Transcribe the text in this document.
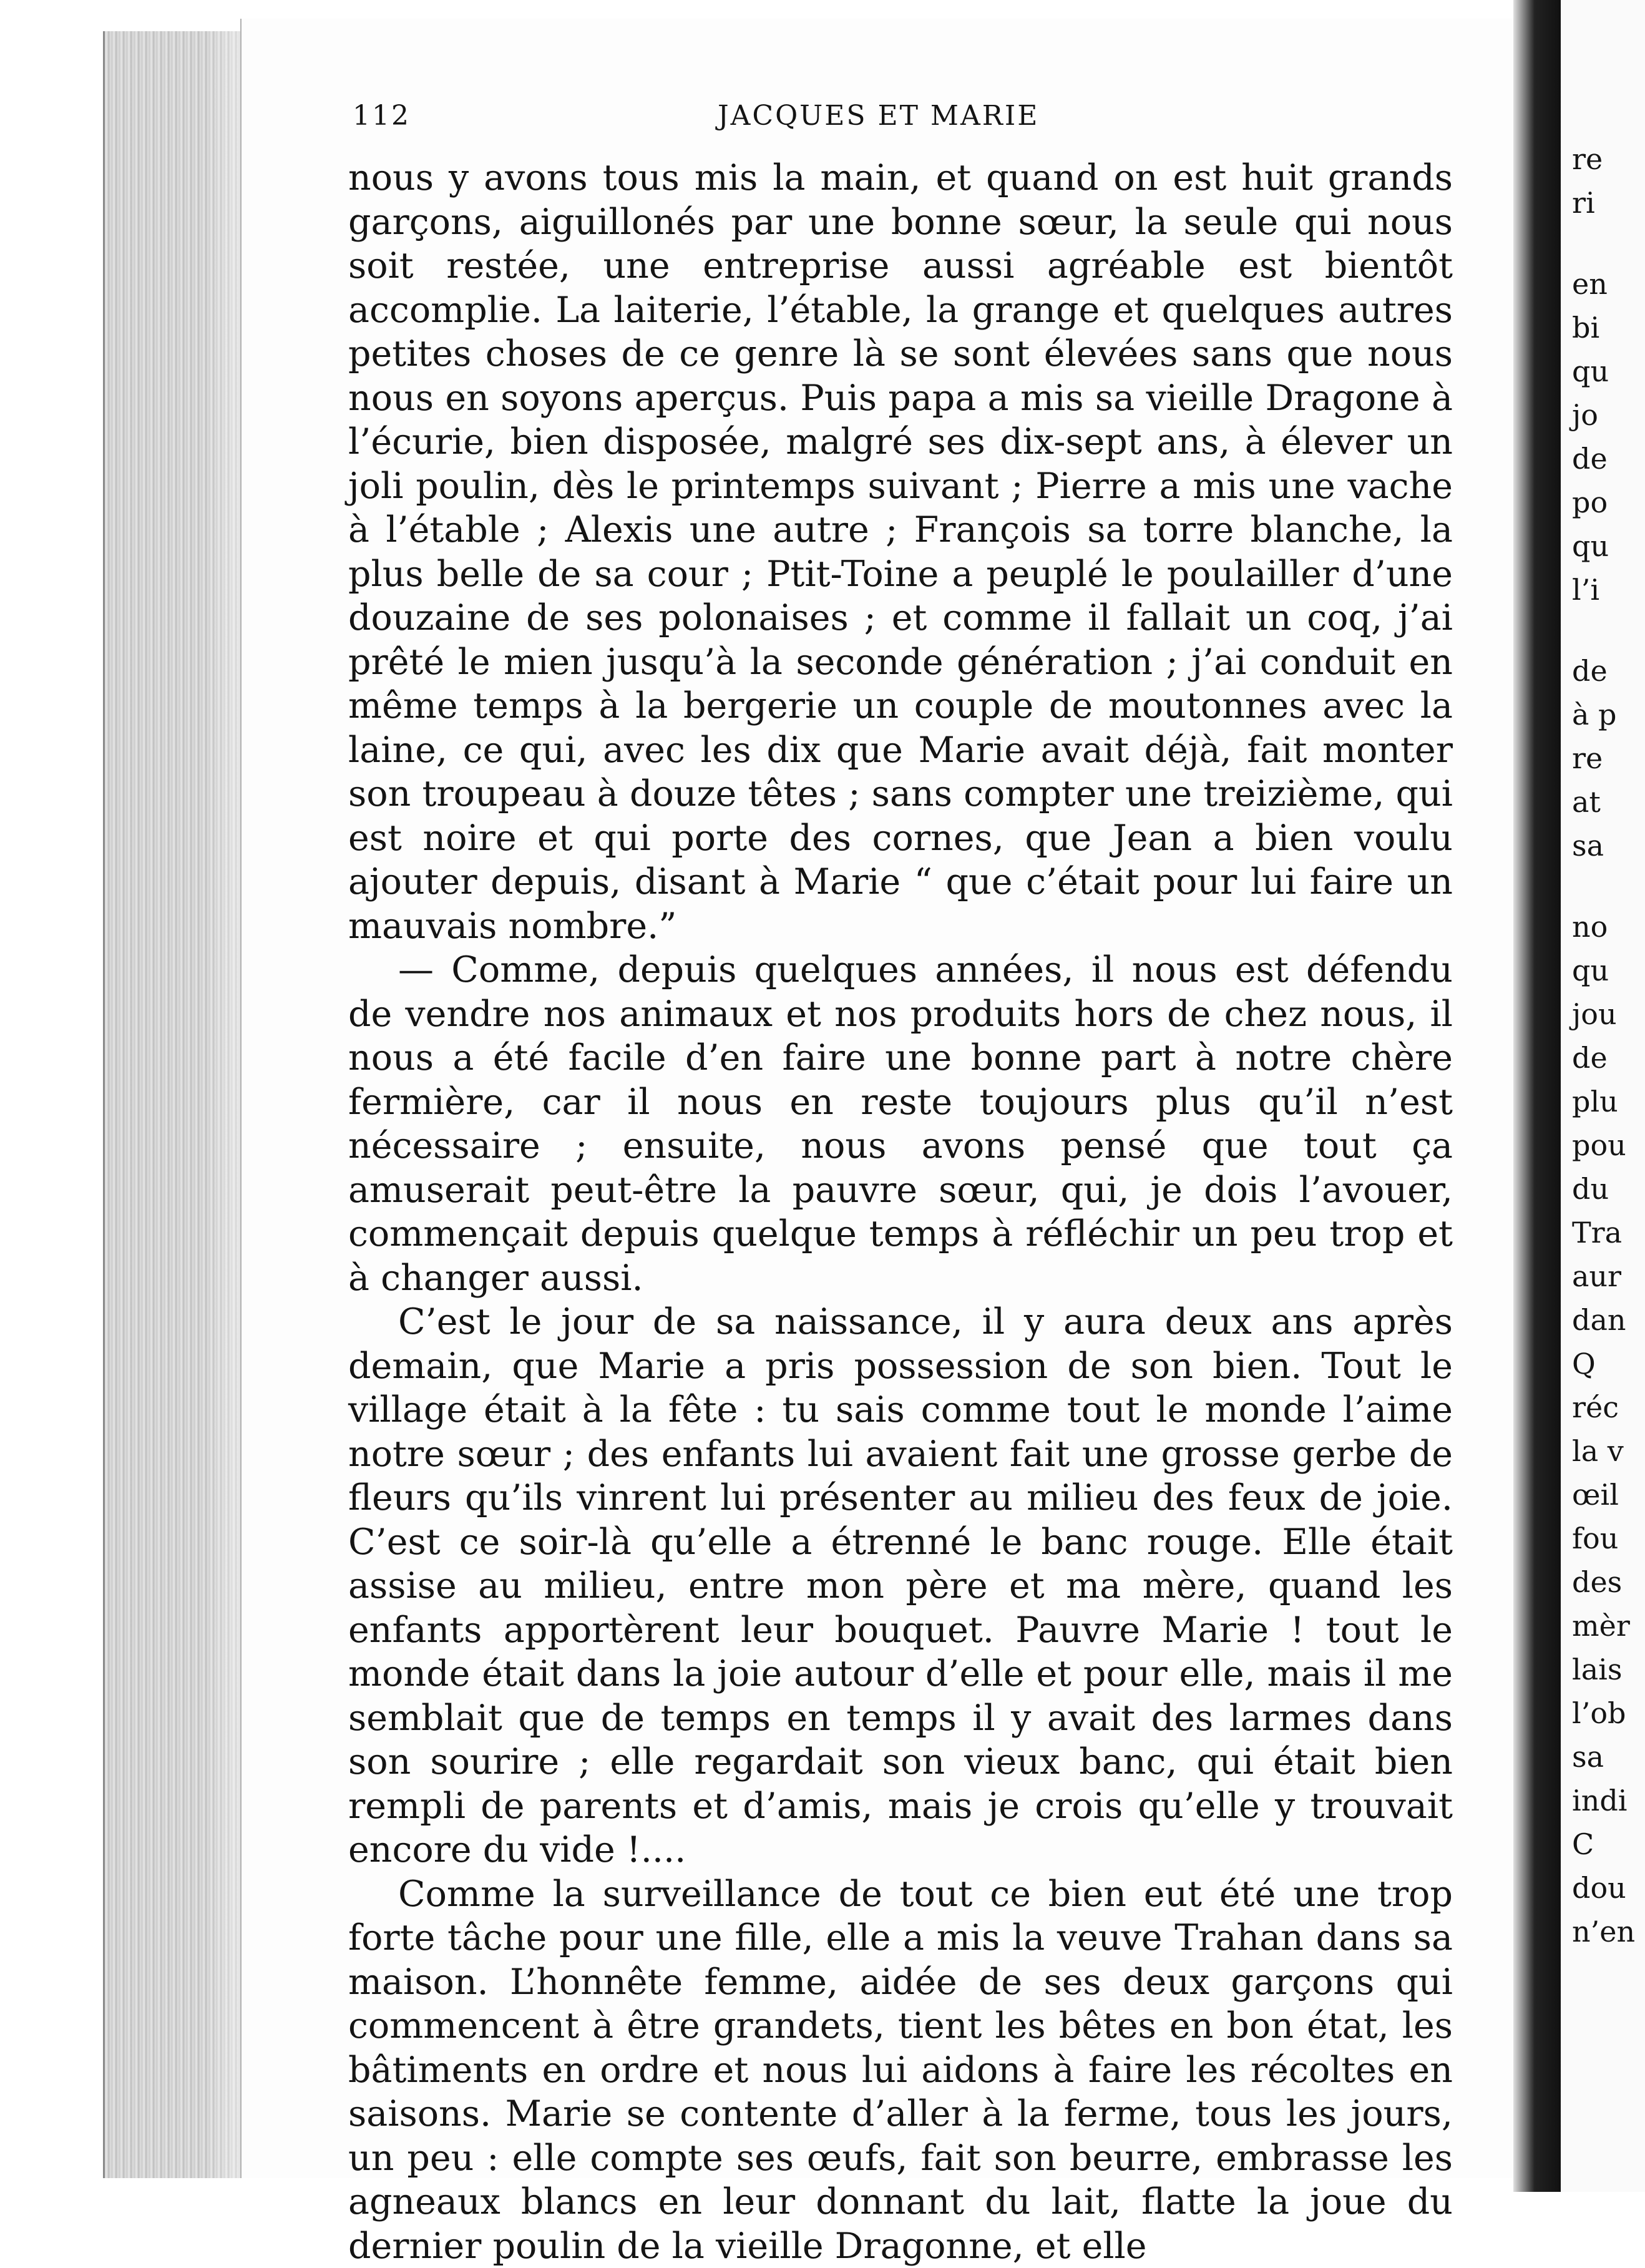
112	JACQUES ET MARIE

nous y avons tous mis la main, et quand on est huit grands garçons, aiguillonés par une bonne sœur, la seule qui nous soit restée, une entreprise aussi agréable est bientôt accomplie. La laiterie, l’étable, la grange et quelques autres petites choses de ce genre là se sont élevées sans que nous nous en soyons aperçus. Puis papa a mis sa vieille Dragone à l’écurie, bien disposée, malgré ses dix-sept ans, à élever un joli poulin, dès le printemps suivant ; Pierre a mis une vache à l’étable ; Alexis une autre ; François sa torre blanche, la plus belle de sa cour ; Ptit-Toine a peuplé le poulailler d’une douzaine de ses polonaises ; et comme il fallait un coq, j’ai prêté le mien jusqu’à la seconde génération ; j’ai conduit en même temps à la bergerie un couple de moutonnes avec la laine, ce qui, avec les dix que Marie avait déjà, fait monter son troupeau à douze têtes ; sans compter une treizième, qui est noire et qui porte des cornes, que Jean a bien voulu ajouter depuis, disant à Marie “ que c’était pour lui faire un mauvais nombre.”

— Comme, depuis quelques années, il nous est défendu de vendre nos animaux et nos produits hors de chez nous, il nous a été facile d’en faire une bonne part à notre chère fermière, car il nous en reste toujours plus qu’il n’est nécessaire ; ensuite, nous avons pensé que tout ça amuserait peut-être la pauvre sœur, qui, je dois l’avouer, commençait depuis quelque temps à réfléchir un peu trop et à changer aussi.

C’est le jour de sa naissance, il y aura deux ans après demain, que Marie a pris possession de son bien. Tout le village était à la fête : tu sais comme tout le monde l’aime notre sœur ; des enfants lui avaient fait une grosse gerbe de fleurs qu’ils vinrent lui présenter au milieu des feux de joie. C’est ce soir-là qu’elle a étrenné le banc rouge. Elle était assise au milieu, entre mon père et ma mère, quand les enfants apportèrent leur bouquet. Pauvre Marie ! tout le monde était dans la joie autour d’elle et pour elle, mais il me semblait que de temps en temps il y avait des larmes dans son sourire ; elle regardait son vieux banc, qui était bien rempli de parents et d’amis, mais je crois qu’elle y trouvait encore du vide !....

Comme la surveillance de tout ce bien eut été une trop forte tâche pour une fille, elle a mis la veuve Trahan dans sa maison. L’honnête femme, aidée de ses deux garçons qui commencent à être grandets, tient les bêtes en bon état, les bâtiments en ordre et nous lui aidons à faire les récoltes en saisons. Marie se contente d’aller à la ferme, tous les jours, un peu : elle compte ses œufs, fait son beurre, embrasse les agneaux blancs en leur donnant du lait, flatte la joue du dernier poulin de la vieille Dragonne, et elle

re
ri
en
bi
qu
jo
de
po
qu
l’i
de
à p
re
at
sa
no
qu
jou
de
plu
pou
du
Tra
aur
dan
Q
réc
la v
œil
fou
des
mèr
lais
l’ob
sa
indi
C
dou
n’en
